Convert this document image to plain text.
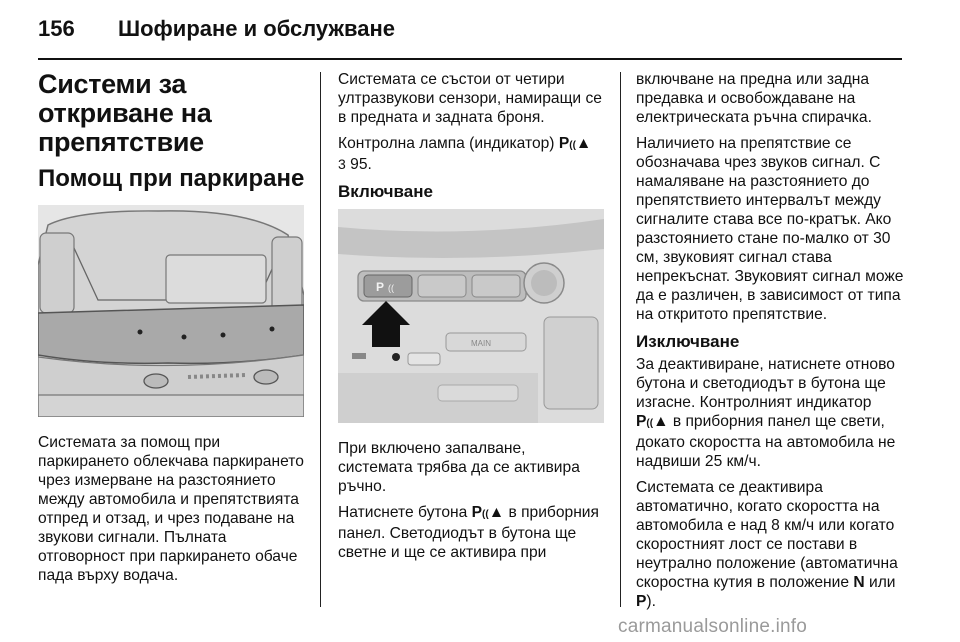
156 Шофиране и обслужване
Системи за откриване на препятствие
Помощ при паркиране

Системата за помощ при паркирането облекчава паркирането чрез измерване на разстоянието между автомобила и препятствията отпред и отзад, и чрез подаване на звукови сигнали. Пълната отговорност при паркирането обаче пада върху водача.

Системата се състои от четири ултразвукови сензори, намиращи се в предната и задната броня.

Контролна лампа (индикатор) P((▲
3 95.

Включване
P ((
MAIN

При включено запалване, системата трябва да се активира ръчно.

Натиснете бутона P((▲ в приборния панел. Светодиодът в бутона ще светне и ще се активира при

включване на предна или задна предавка и освобождаване на електрическата ръчна спирачка.

Наличието на препятствие се обозначава чрез звуков сигнал. С намаляване на разстоянието до препятствието интервалът между сигналите става все по-кратък. Ако разстоянието стане по-малко от 30 см, звуковият сигнал става непрекъснат. Звуковият сигнал може да е различен, в зависимост от типа на откритото препятствие.

Изключване

За деактивиране, натиснете отново бутона и светодиодът в бутона ще изгасне. Контролният индикатор P((▲ в приборния панел ще свети, докато скоростта на автомобила не надвиши 25 км/ч.

Системата се деактивира автоматично, когато скоростта на автомобила е над 8 км/ч или когато скоростният лост се постави в неутрално положение (автоматична скоростна кутия в положение N или P).

carmanualsonline.info
